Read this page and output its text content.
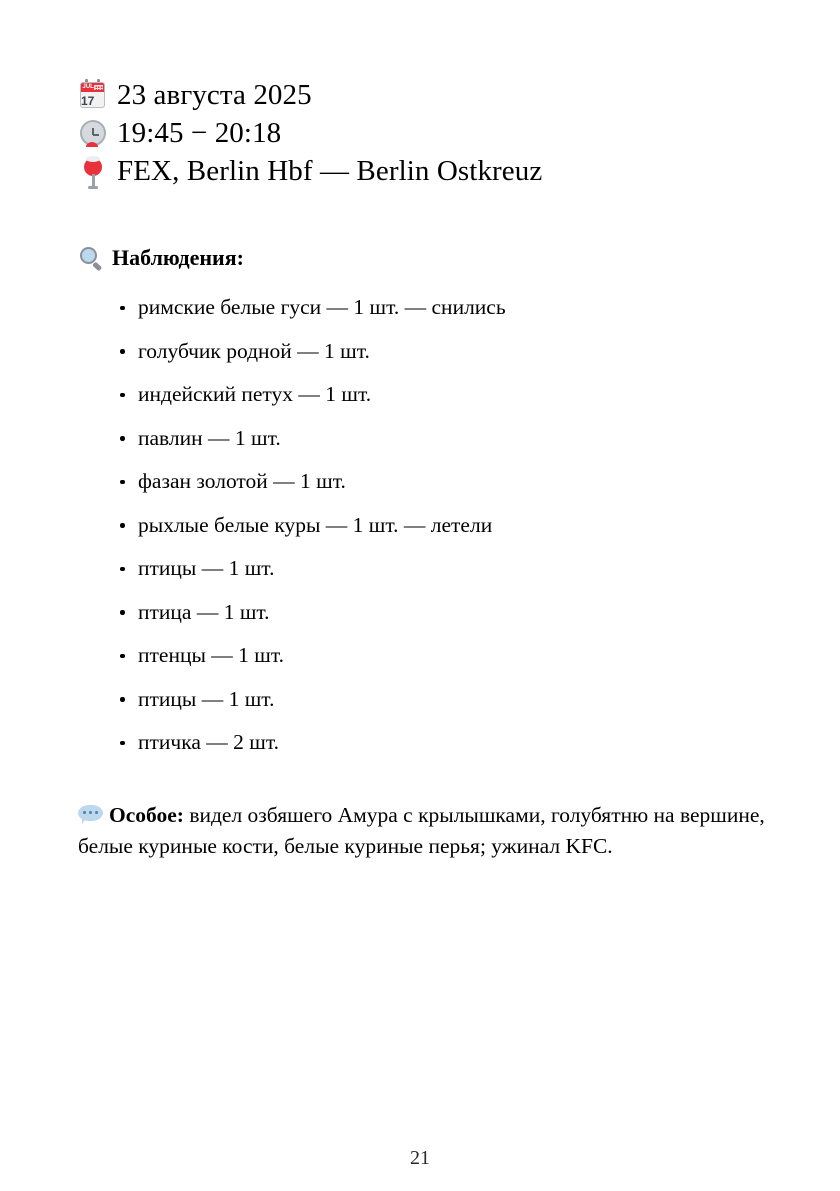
JUL
17 23 августа 2025
19:45 − 20:18
FEX, Berlin Hbf — Berlin Ostkreuz
Наблюдения:
римские белые гуси — 1 шт. — снились
голубчик родной — 1 шт.
индейский петух — 1 шт.
павлин — 1 шт.
фазан золотой — 1 шт.
рыхлые белые куры — 1 шт. — летели
птицы — 1 шт.
птица — 1 шт.
птенцы — 1 шт.
птицы — 1 шт.
птичка — 2 шт.

Особое: видел озбяшего Амура с крылышками, голубятню на вершине, белые куриные кости, белые куриные перья; ужинал KFC.

21
